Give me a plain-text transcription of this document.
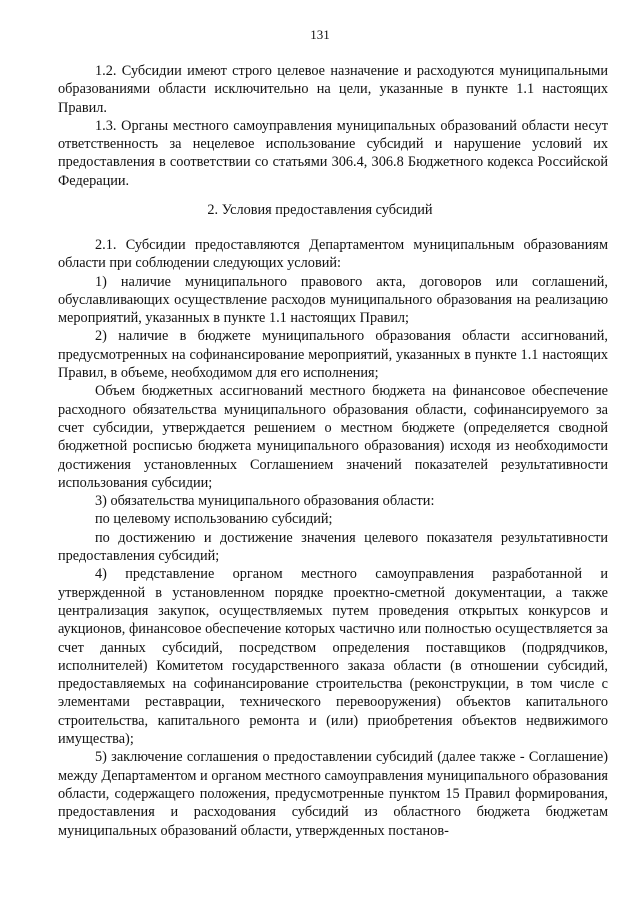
131

1.2. Субсидии имеют строго целевое назначение и расходуются муниципальными образованиями области исключительно на цели, указанные в пункте 1.1 настоящих Правил.

1.3. Органы местного самоуправления муниципальных образований области несут ответственность за нецелевое использование субсидий и нарушение условий их предоставления в соответствии со статьями 306.4, 306.8 Бюджетного кодекса Российской Федерации.

2. Условия предоставления субсидий

2.1. Субсидии предоставляются Департаментом муниципальным образованиям области при соблюдении следующих условий:

1) наличие муниципального правового акта, договоров или соглашений, обуславливающих осуществление расходов муниципального образования на реализацию мероприятий, указанных в пункте 1.1 настоящих Правил;

2) наличие в бюджете муниципального образования области ассигнований, предусмотренных на софинансирование мероприятий, указанных в пункте 1.1 настоящих Правил, в объеме, необходимом для его исполнения;

Объем бюджетных ассигнований местного бюджета на финансовое обеспечение расходного обязательства муниципального образования области, софинансируемого за счет субсидии, утверждается решением о местном бюджете (определяется сводной бюджетной росписью бюджета муниципального образования) исходя из необходимости достижения установленных Соглашением значений показателей результативности использования субсидии;

3) обязательства муниципального образования области:

по целевому использованию субсидий;

по достижению и достижение значения целевого показателя результативности предоставления субсидий;

4) представление органом местного самоуправления разработанной и утвержденной в установленном порядке проектно-сметной документации, а также централизация закупок, осуществляемых путем проведения открытых конкурсов и аукционов, финансовое обеспечение которых частично или полностью осуществляется за счет данных субсидий, посредством определения поставщиков (подрядчиков, исполнителей) Комитетом государственного заказа области (в отношении субсидий, предоставляемых на софинансирование строительства (реконструкции, в том числе с элементами реставрации, технического перевооружения) объектов капитального строительства, капитального ремонта и (или) приобретения объектов недвижимого имущества);

5) заключение соглашения о предоставлении субсидий (далее также - Соглашение) между Департаментом и органом местного самоуправления муниципального образования области, содержащего положения, предусмотренные пунктом 15 Правил формирования, предоставления и расходования субсидий из областного бюджета бюджетам муниципальных образований области, утвержденных постанов-
